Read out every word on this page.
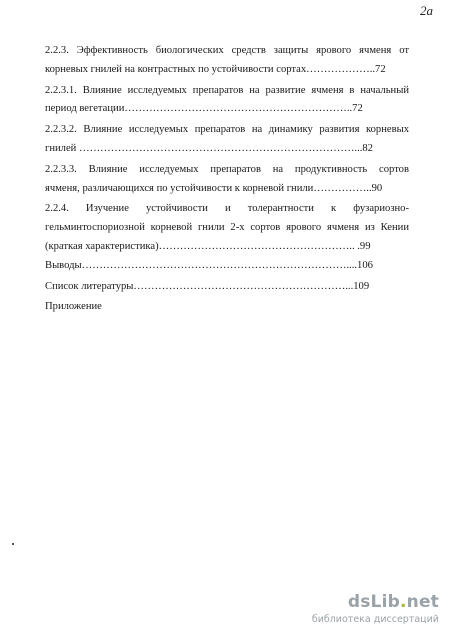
2a
2.2.3. Эффективность биологических средств защиты ярового ячменя от
корневых гнилей на контрастных по устойчивости сортах………………..72
2.2.3.1. Влияние исследуемых препаратов на развитие ячменя в начальный
период вегетации………………………………………………………..72
2.2.3.2. Влияние исследуемых препаратов на динамику развития корневых
гнилей ……………………………………………………………………...82
2.2.3.3. Влияние исследуемых препаратов на продуктивность сортов
ячменя, различающихся по устойчивости к корневой гнили……………..90
2.2.4. Изучение устойчивости и толерантности к фузариозно-
гельминтоспориозной корневой гнили 2-х сортов ярового ячменя из Кении
(краткая характеристика)……………………………………………….. .99
Выводы…………………………………………………………………....106
Список литературы……………………………………………………...109
Приложение
dsLib.net
библиотека диссертаций
